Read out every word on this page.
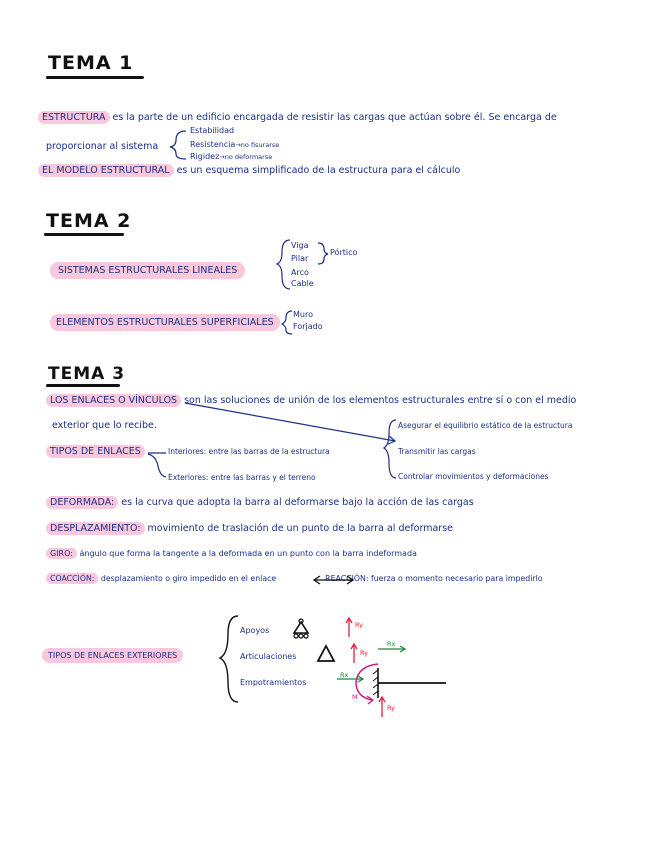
TEMA 1
ESTRUCTURA es la parte de un edificio encargada de resistir las cargas que actúan sobre él. Se encarga de
proporcionar al sistema
Estabilidad
Resistencia→no fisurarse
Rigidez→no deformarse
EL MODELO ESTRUCTURAL es un esquema simplificado de la estructura para el cálculo
TEMA 2
SISTEMAS ESTRUCTURALES LINEALES
Viga
Pilar
Arco
Cable
Pórtico
ELEMENTOS ESTRUCTURALES SUPERFICIALES
Muro
Forjado
TEMA 3
LOS ENLACES O VÍNCULOS son las soluciones de unión de los elementos estructurales entre sí o con el medio
exterior que lo recibe.
TIPOS DE ENLACES	Interiores: entre las barras de la estructura
Exteriores: entre las barras y el terreno
Asegurar el equilibrio estático de la estructura
Transmitir las cargas
Controlar movimientos y deformaciones
DEFORMADA: es la curva que adopta la barra al deformarse bajo la acción de las cargas
DESPLAZAMIENTO: movimiento de traslación de un punto de la barra al deformarse
GIRO: ángulo que forma la tangente a la deformada en un punto con la barra indeformada
COACCIÓN: desplazamiento o giro impedido en el enlace	REACCIÓN: fuerza o momento necesario para impedirlo
TIPOS DE ENLACES EXTERIORES
Apoyos
Articulaciones
Empotramientos
Ry
Ry
Rx
Rx
M
Ry
